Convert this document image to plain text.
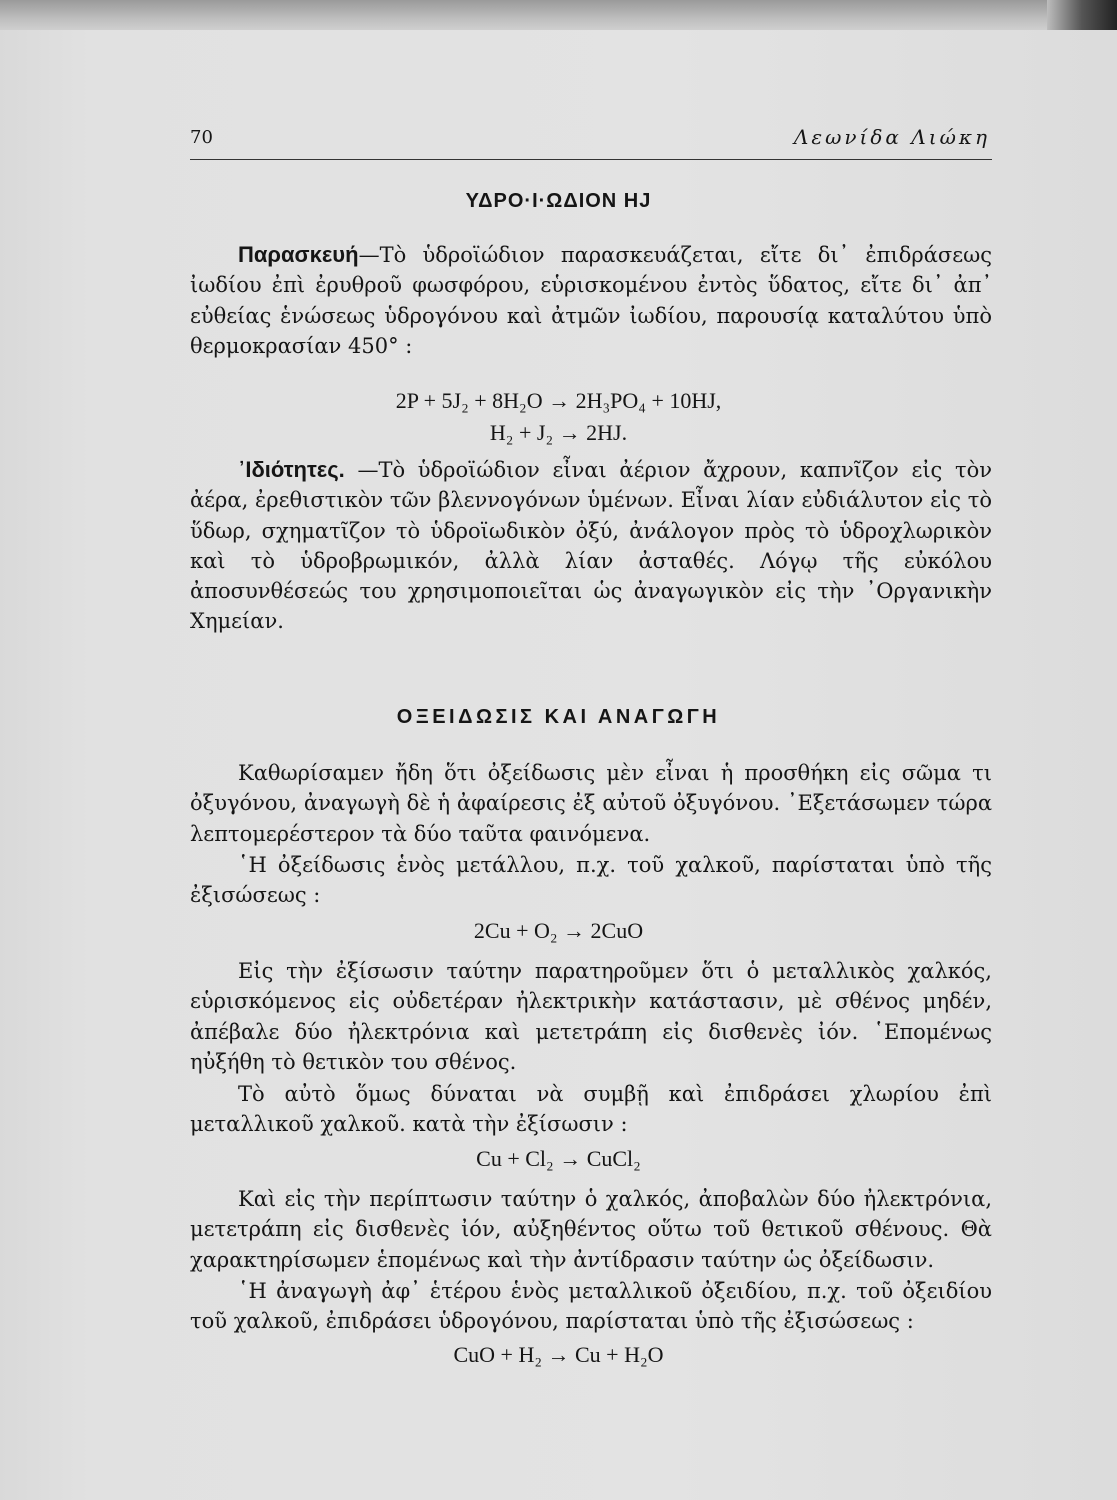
70	Λεωνίδα Λιώκη
ΥΔΡΟ·Ι·ΩΔΙΟΝ HJ
Παρασκευή—Τὸ ὑδροϊώδιον παρασκευάζεται, εἴτε δι᾽ ἐπιδράσεως ἰωδίου ἐπὶ ἐρυθροῦ φωσφόρου, εὑρισκομένου ἐντὸς ὕδατος, εἴτε δι᾽ ἀπ᾽ εὐθείας ἑνώσεως ὑδρογόνου καὶ ἀτμῶν ἰωδίου, παρουσίᾳ καταλύτου ὑπὸ θερμοκρασίαν 450° :
2P + 5J₂ + 8H₂O → 2H₃PO₄ + 10HJ,
H₂ + J₂ → 2HJ.
᾽Ιδιότητες. —Τὸ ὑδροϊώδιον εἶναι ἀέριον ἄχρουν, καπνῖζον εἰς τὸν ἀέρα, ἐρεθιστικὸν τῶν βλεννογόνων ὑμένων. Εἶναι λίαν εὐδιάλυτον εἰς τὸ ὕδωρ, σχηματῖζον τὸ ὑδροϊωδικὸν ὀξύ, ἀνάλογον πρὸς τὸ ὑδροχλωρικὸν καὶ τὸ ὑδροβρωμικόν, ἀλλὰ λίαν ἀσταθές. Λόγῳ τῆς εὐκόλου ἀποσυνθέσεώς του χρησιμοποιεῖται ὡς ἀναγωγικὸν εἰς τὴν ᾽Οργανικὴν Χημείαν.
ΟΞΕΙΔΩΣΙΣ ΚΑΙ ΑΝΑΓΩΓΗ
Καθωρίσαμεν ἤδη ὅτι ὀξείδωσις μὲν εἶναι ἡ προσθήκη εἰς σῶμα τι ὀξυγόνου, ἀναγωγὴ δὲ ἡ ἀφαίρεσις ἐξ αὐτοῦ ὀξυγόνου. ᾽Εξετάσωμεν τώρα λεπτομερέστερον τὰ δύο ταῦτα φαινόμενα.
῾Η ὀξείδωσις ἑνὸς μετάλλου, π.χ. τοῦ χαλκοῦ, παρίσταται ὑπὸ τῆς ἐξισώσεως :
2Cu + O₂ → 2CuO
Εἰς τὴν ἐξίσωσιν ταύτην παρατηροῦμεν ὅτι ὁ μεταλλικὸς χαλκός, εὑρισκόμενος εἰς οὐδετέραν ἠλεκτρικὴν κατάστασιν, μὲ σθένος μηδέν, ἀπέβαλε δύο ἠλεκτρόνια καὶ μετετράπη εἰς δισθενὲς ἰόν. ῾Επομένως ηὐξήθη τὸ θετικὸν του σθένος.
Τὸ αὐτὸ ὅμως δύναται νὰ συμβῇ καὶ ἐπιδράσει χλωρίου ἐπὶ μεταλλικοῦ χαλκοῦ. κατὰ τὴν ἐξίσωσιν :
Cu + Cl₂ → CuCl₂
Καὶ εἰς τὴν περίπτωσιν ταύτην ὁ χαλκός, ἀποβαλὼν δύο ἠλεκτρόνια, μετετράπη εἰς δισθενὲς ἰόν, αὐξηθέντος οὕτω τοῦ θετικοῦ σθένους. Θὰ χαρακτηρίσωμεν ἑπομένως καὶ τὴν ἀντίδρασιν ταύτην ὡς ὀξείδωσιν.
῾Η ἀναγωγὴ ἀφ᾽ ἑτέρου ἑνὸς μεταλλικοῦ ὀξειδίου, π.χ. τοῦ ὀξειδίου τοῦ χαλκοῦ, ἐπιδράσει ὑδρογόνου, παρίσταται ὑπὸ τῆς ἐξισώσεως :
CuO + H₂ → Cu + H₂O
